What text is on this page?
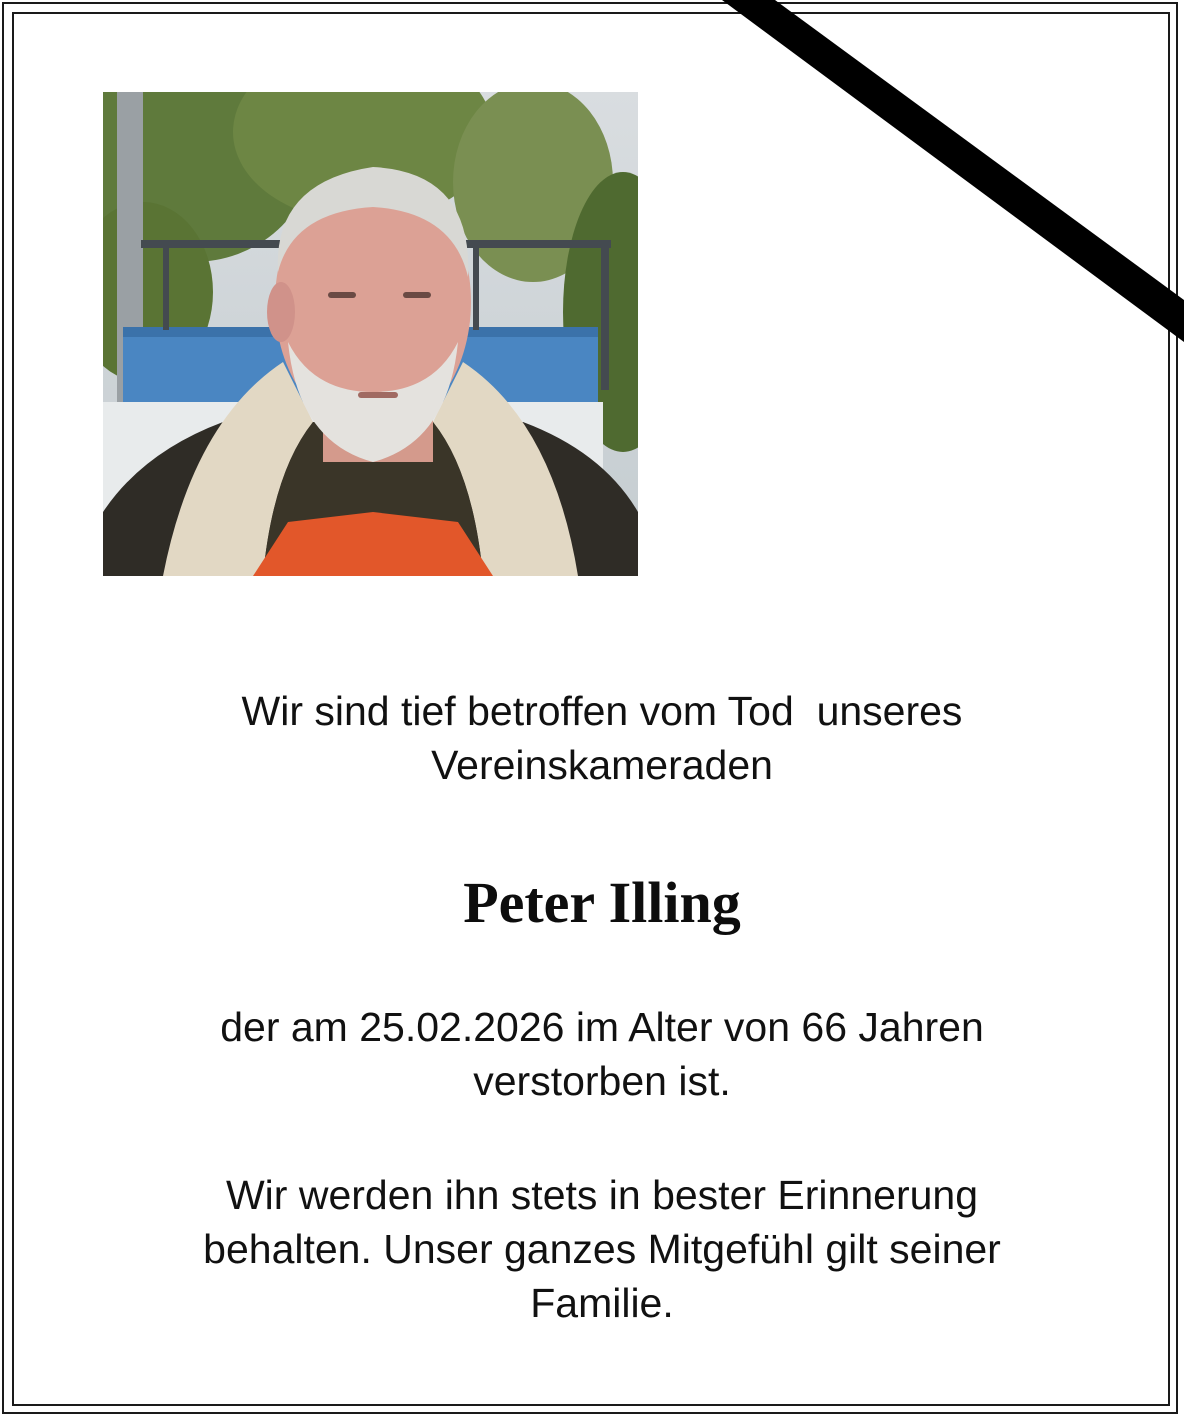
Wir sind tief betroffen vom Tod  unseres
Vereinskameraden
Peter Illing
der am 25.02.2026 im Alter von 66 Jahren
verstorben ist.
Wir werden ihn stets in bester Erinnerung
behalten. Unser ganzes Mitgefühl gilt seiner
Familie.
